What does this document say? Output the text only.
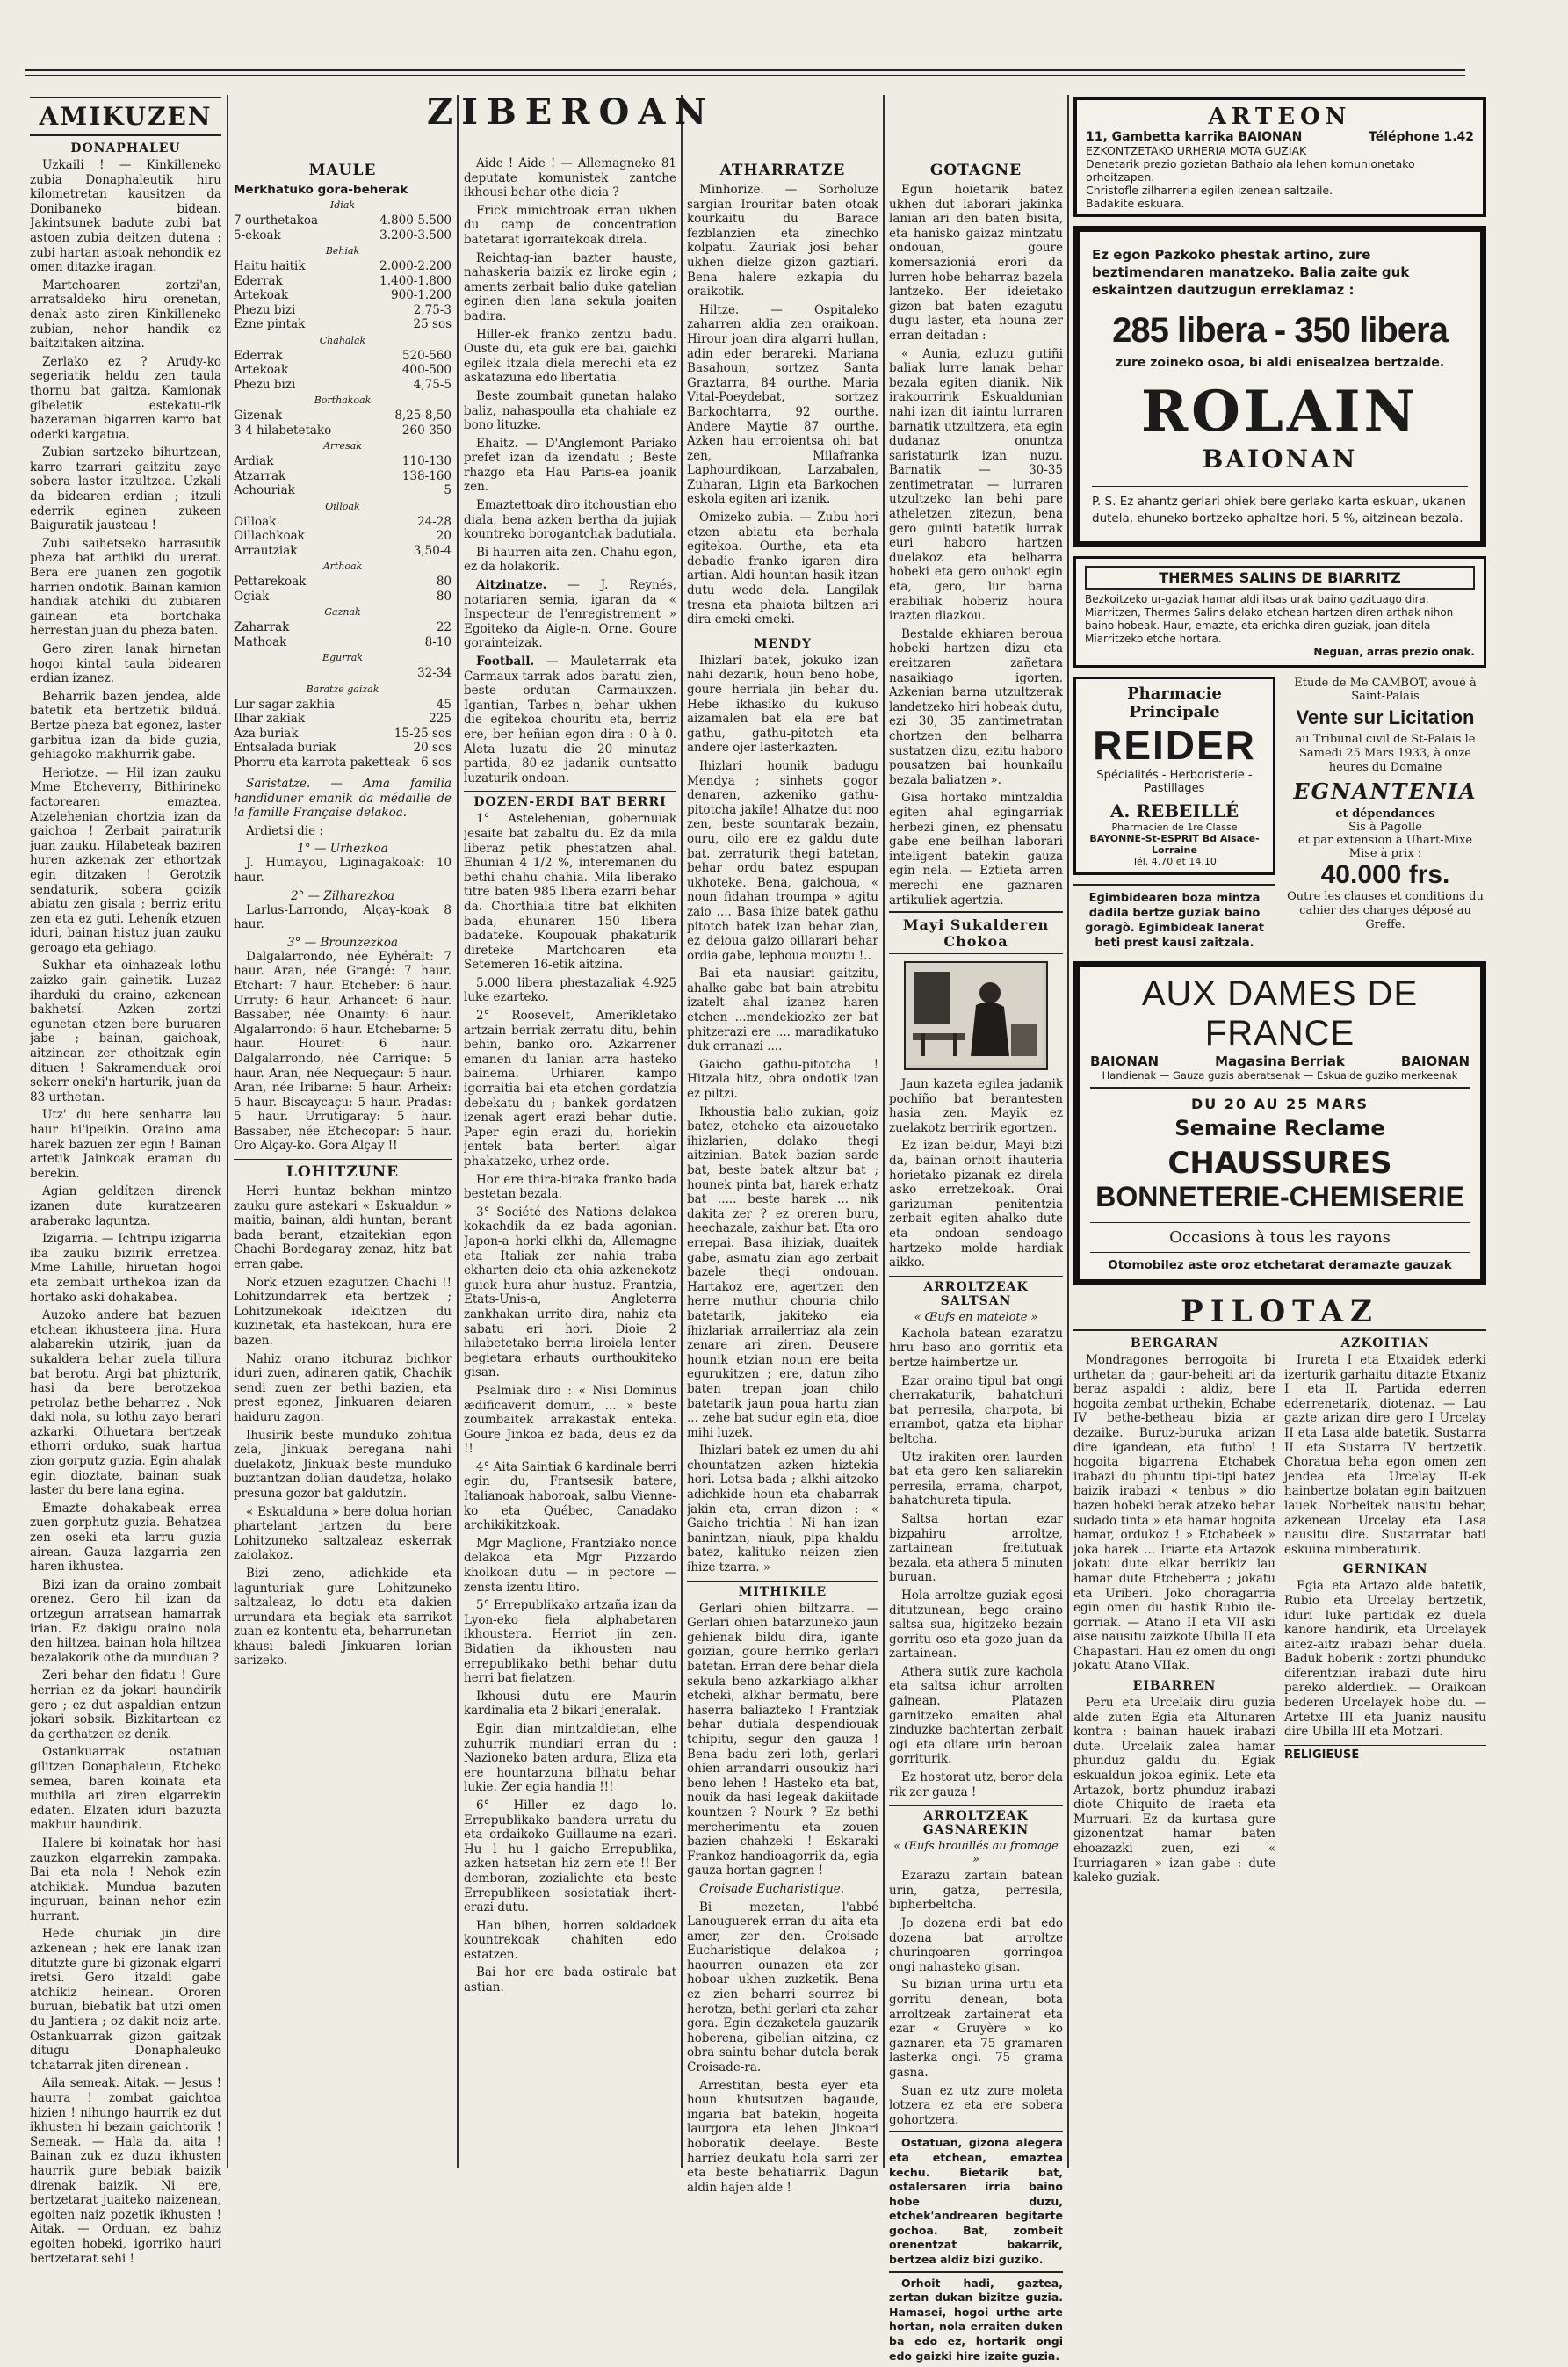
AMIKUZEN
DONAPHALEU

Uzkaili ! — Kinkilleneko zubia Donaphaleutik hiru kilometretan kausitzen da Donibaneko bidean. Jakintsunek badute zubi bat astoen zubia deitzen dutena : zubi hartan astoak nehondik ez omen ditazke iragan.

Martchoaren zortzi'an, arratsaldeko hiru orenetan, denak asto ziren Kinkilleneko zubian, nehor handik ez baitzitaken aitzina.

Zerlako ez ? Arudy-ko segeriatik heldu zen taula thornu bat gaitza. Kamionak gibeletik estekatu-rik bazeraman bigarren karro bat oderki kargatua.

Zubian sartzeko bihurtzean, karro tzarrari gaitzitu zayo sobera laster itzultzea. Uzkali da bidearen erdian ; itzuli ederrik eginen zukeen Baiguratik jausteau !

Zubi saihetseko harrasutik pheza bat arthiki du urerat. Bera ere juanen zen gogotik harrien ondotik. Bainan kamion handiak atchiki du zubiaren gainean eta bortchaka herrestan juan du pheza baten.

Gero ziren lanak hirnetan hogoi kintal taula bidearen erdian izanez.

Beharrik bazen jendea, alde batetik eta bertzetik bilduá. Bertze pheza bat egonez, laster garbitua izan da bide guzia, gehiagoko makhurrik gabe.

Heriotze. — Hil izan zauku Mme Etcheverry, Bithirineko factorearen emaztea. Atzelehenian chortzia izan da gaichoa ! Zerbait pairaturik juan zauku. Hilabeteak baziren huren azkenak zer ethortzak egin ditzaken ! Gerotzik sendaturik, sobera goizik abiatu zen gisala ; berriz eritu zen eta ez guti. Leheník etzuen iduri, bainan histuz juan zauku geroago eta gehiago.

Sukhar eta oinhazeak lothu zaizko gain gainetik. Luzaz iharduki du oraino, azkenean bakhetsí. Azken zortzi egunetan etzen bere buruaren jabe ; bainan, gaichoak, aitzinean zer othoitzak egin dituen ! Sakramenduak oroí sekerr oneki'n harturik, juan da 83 urthetan.

Utz' du bere senharra lau haur hi'ipeikin. Oraino ama harek bazuen zer egin ! Bainan artetik Jainkoak eraman du berekin.

Agian geldítzen direnek izanen dute kuratzearen araberako laguntza.

Izigarria. — Ichtripu izigarria iba zauku bizirik erretzea. Mme Lahille, hiruetan hogoi eta zembait urthekoa izan da hortako aski dohakabea.

Auzoko andere bat bazuen etchean ikhusteera jina. Hura alabarekin utzirik, juan da sukaldera behar zuela tillura bat berotu. Argi bat phizturik, hasi da bere berotzekoa petrolaz bethe beharrez . Nok daki nola, su lothu zayo berari azkarki. Oihuetara bertzeak ethorri orduko, suak hartua zion gorputz guzia. Egin ahalak egin dioztate, bainan suak laster du bere lana egina.

Emazte dohakabeak errea zuen gorphutz guzia. Behatzea zen oseki eta larru guzia airean. Gauza lazgarria zen haren ikhustea.

Bizi izan da oraino zombait orenez. Gero hil izan da ortzegun arratsean hamarrak irian. Ez dakigu oraino nola den hiltzea, bainan hola hiltzea bezalakorik othe da munduan ?

Zeri behar den fidatu ! Gure herrian ez da jokari haundirik gero ; ez dut aspaldian entzun jokari sobsik. Bizkitartean ez da gerthatzen ez denik.

Ostankuarrak ostatuan gilitzen Donaphaleun, Etcheko semea, baren koinata eta muthila ari ziren elgarrekin edaten. Elzaten iduri bazuzta makhur haundirik.

Halere bi koinatak hor hasi zauzkon elgarrekin zampaka. Bai eta nola ! Nehok ezin atchikiak. Mundua bazuten inguruan, bainan nehor ezin hurrant.

Hede churiak jin dire azkenean ; hek ere lanak izan ditutzte gure bi gizonak elgarri iretsi. Gero itzaldi gabe atchikiz heinean. Ororen buruan, biebatik bat utzi omen du Jantiera ; oz dakit noiz arte. Ostankuarrak gizon gaitzak ditugu Donaphaleuko tchatarrak jiten direnean .

Aila semeak. Aitak. — Jesus ! haurra ! zombat gaichtoa hizien ! nihungo haurrik ez dut ikhusten hi bezain gaichtorik ! Semeak. — Hala da, aita ! Bainan zuk ez duzu ikhusten haurrik gure bebiak baizik direnak baizik. Ni ere, bertzetarat juaiteko naizenean, egoiten naiz pozetik ikhusten ! Aitak. — Orduan, ez bahiz egoiten hobeki, igorriko hauri bertzetarat sehi !

ZIBEROAN
MAULE
Merkhatuko gora-beherak
Idiak
7 ourthetakoa	4.800-5.500
5-ekoak	3.200-3.500
Behiak
Haitu haitik	2.000-2.200
Ederrak	1.400-1.800
Artekoak	900-1.200
Phezu bizi	2,75-3
Ezne pintak	25 sos
Chahalak
Ederrak	520-560
Artekoak	400-500
Phezu bizi	4,75-5
Borthakoak
Gizenak	8,25-8,50
3-4 hilabetetako	260-350
Arresak
Ardiak	110-130
Atzarrak	138-160
Achouriak	5
Oilloak
Oilloak	24-28
Oillachkoak	20
Arrautziak	3,50-4
Arthoak
Pettarekoak	80
Ogiak	80
Gaznak
Zaharrak	22
Mathoak	8-10
Egurrak
32-34
Baratze gaizak
Lur sagar zakhia	45
Ilhar zakiak	225
Aza buriak	15-25 sos
Entsalada buriak	20 sos
Phorru eta karrota paketteak 6 sos

Saristatze. — Ama familia handiduner emanik da médaille de la famille Française delakoa.

Ardietsi die :

1° — Urhezkoa

J. Humayou, Liginagakoak: 10 haur.

2° — Zilharezkoa

Larlus-Larrondo, Alçay-koak 8 haur.

3° — Brounzezkoa

Dalgalarrondo, née Eyhéralt: 7 haur. Aran, née Grangé: 7 haur. Etchart: 7 haur. Etcheber: 6 haur. Urruty: 6 haur. Arhancet: 6 haur. Bassaber, née Onainty: 6 haur. Algalarrondo: 6 haur. Etchebarne: 5 haur. Houret: 6 haur. Dalgalarrondo, née Carrique: 5 haur. Aran, née Nequeçaur: 5 haur. Aran, née Iribarne: 5 haur. Arheix: 5 haur. Biscaycaçu: 5 haur. Pradas: 5 haur. Urrutigaray: 5 haur. Bassaber, née Etchecopar: 5 haur. Oro Alçay-ko. Gora Alçay !!

LOHITZUNE

Herri huntaz bekhan mintzo zauku gure astekari « Eskualdun » maitia, bainan, aldi huntan, berant bada berant, etzaitekian egon Chachi Bordegaray zenaz, hitz bat erran gabe.

Nork etzuen ezagutzen Chachi !! Lohitzundarrek eta bertzek ; Lohitzunekoak idekitzen du kuzinetak, eta hastekoan, hura ere bazen.

Nahiz orano itchuraz bichkor iduri zuen, adinaren gatik, Chachik sendi zuen zer bethi bazien, eta prest egonez, Jinkuaren deiaren haiduru zagon.

Ihusirik beste munduko zohitua zela, Jinkuak beregana nahi duelakotz, Jinkuak beste munduko buztantzan dolian daudetza, holako presuna gozor bat galdutzin.

« Eskualduna » bere dolua horian phartelant jartzen du bere Lohitzuneko saltzaleaz eskerrak zaiolakoz.

Bizi zeno, adichkide eta lagunturiak gure Lohitzuneko saltzaleaz, lo dotu eta dakien urrundara eta begiak eta sarrikot zuan ez kontentu eta, beharrunetan khausi baledi Jinkuaren lorian sarizeko.

Aide ! Aide ! — Allemagneko 81 deputate komunistek zantche ikhousi behar othe dicia ?

Frick minichtroak erran ukhen du camp de concentration batetarat igorraitekoak direla.

Reichtag-ian bazter hauste, nahaskeria baizik ez liroke egin ; aments zerbait balio duke gatelian eginen dien lana sekula joaiten badira.

Hiller-ek franko zentzu badu. Ouste du, eta guk ere bai, gaichki egilek itzala diela merechi eta ez askatazuna edo libertatia.

Beste zoumbait gunetan halako baliz, nahaspoulla eta chahiale ez bono lituzke.

Ehaitz. — D'Anglemont Pariako prefet izan da izendatu ; Beste rhazgo eta Hau Paris-ea joanik zen.

Emaztettoak diro itchoustian eho diala, bena azken bertha da jujiak kountreko borogantchak badutiala.

Bi haurren aita zen. Chahu egon, ez da holakorik.

Aitzinatze. — J. Reynés, notariaren semia, igaran da « Inspecteur de l'enregistrement » Egoiteko da Aigle-n, Orne. Goure gorainteizak.

Football. — Mauletarrak eta Carmaux-tarrak ados baratu zien, beste ordutan Carmauxzen. Igantian, Tarbes-n, behar ukhen die egitekoa chouritu eta, berriz ere, ber heñian egon dira : 0 à 0. Aleta luzatu die 20 minutaz partida, 80-ez jadanik ountsatto luzaturik ondoan.

DOZEN-ERDI BAT BERRI

1° Astelehenian, gobernuiak jesaite bat zabaltu du. Ez da mila liberaz petik phestatzen ahal. Ehunian 4 1/2 %, interemanen du bethi chahu chahia. Mila liberako titre baten 985 libera ezarri behar da. Chorthiala titre bat elkhiten bada, ehunaren 150 libera badateke. Koupouak phakaturik direteke Martchoaren eta Setemeren 16-etik aitzina.

5.000 libera phestazaliak 4.925 luke ezarteko.

2° Roosevelt, Amerikletako artzain berriak zerratu ditu, behin behin, banko oro. Azkarrener emanen du lanian arra hasteko bainema. Urhiaren kampo igorraitia bai eta etchen gordatzia debekatu du ; bankek gordatzen izenak agert erazi behar dutie. Paper egin erazi du, horiekin jentek bata berteri algar phakatzeko, urhez orde.

Hor ere thira-biraka franko bada bestetan bezala.

3° Société des Nations delakoa kokachdik da ez bada agonian. Japon-a horki elkhi da, Allemagne eta Italiak zer nahia traba ekharten deio eta ohia azkenekotz guiek hura ahur hustuz. Frantzia, Etats-Unis-a, Angleterra zankhakan urrito dira, nahiz eta sabatu eri hori. Dioie 2 hilabetetako berria liroiela lenter begietara erhauts ourthoukiteko gisan.

Psalmiak diro : « Nisi Dominus ædificaverit domum, ... » beste zoumbaitek arrakastak enteka. Goure Jinkoa ez bada, deus ez da !!

4° Aita Saintiak 6 kardinale berri egin du, Frantsesik batere, Italianoak haboroak, salbu Vienne-ko eta Québec, Canadako archikikitzkoak.

Mgr Maglione, Frantziako nonce delakoa eta Mgr Pizzardo kholkoan dutu — in pectore — zensta izentu litiro.

5° Errepublikako artzaña izan da Lyon-eko fiela alphabetaren ikhoustera. Herriot jin zen. Bidatien da ikhousten nau errepublikako bethi behar dutu herri bat fielatzen.

Ikhousi dutu ere Maurin kardinalia eta 2 bikari jeneralak.

Egin dian mintzaldietan, elhe zuhurrik mundiari erran du : Nazioneko baten ardura, Eliza eta ere hountarzuna bilhatu behar lukie. Zer egia handia !!!

6° Hiller ez dago lo. Errepublikako bandera urratu du eta ordaikoko Guillaume-na ezari. Hu l hu l gaicho Errepublika, azken hatsetan hiz zern ete !! Ber demboran, zozialichte eta beste Errepublikeen sosietatiak ihert-erazi dutu.

Han bihen, horren soldadoek kountrekoak chahiten edo estatzen.

Bai hor ere bada ostirale bat astian.

ATHARRATZE

Minhorize. — Sorholuze sargian Irouritar baten otoak kourkaitu du Barace fezblanzien eta zinechko kolpatu. Zauriak josi behar ukhen dielze gizon gaztiari. Bena halere ezkapia du oraikotik.

Hiltze. — Ospitaleko zaharren aldia zen oraikoan. Hirour joan dira algarri hullan, adin eder berareki. Mariana Basahoun, sortzez Santa Graztarra, 84 ourthe. Maria Vital-Poeydebat, sortzez Barkochtarra, 92 ourthe. Andere Maytie 87 ourthe. Azken hau erroientsa ohi bat zen, Milafranka Laphourdikoan, Larzabalen, Zuharan, Ligin eta Barkochen eskola egiten ari izanik.

Omizeko zubia. — Zubu hori etzen abiatu eta berhala egitekoa. Ourthe, eta eta debadio franko igaren dira artian. Aldi hountan hasik itzan dutu wedo dela. Langilak tresna eta phaiota biltzen ari dira emeki emeki.

MENDY

Ihizlari batek, jokuko izan nahi dezarik, houn beno hobe, goure herriala jin behar du. Hebe ikhasiko du kukuso aizamalen bat ela ere bat gathu, gathu-pitotch eta andere ojer lasterkazten.

Ihizlari hounik badugu Mendya ; sinhets gogor denaren, azkeniko gathu-pitotcha jakile! Alhatze dut noo zen, beste sountarak bezain, ouru, oilo ere ez galdu dute bat. zerraturik thegi batetan, behar ordu batez espupan ukhoteke. Bena, gaichoua, « noun fidahan troumpa » agitu zaio .... Basa ihize batek gathu pitotch batek izan behar zian, ez deioua gaizo oillarari behar ordia gabe, lephoua mouztu !..

Bai eta nausiari gaitzitu, ahalke gabe bat bain atrebitu izatelt ahal izanez haren etchen ...mendekiozko zer bat phitzerazi ere .... maradikatuko duk erranazi ....

Gaicho gathu-pitotcha ! Hitzala hitz, obra ondotik izan ez piltzi.

Ikhoustia balio zukian, goiz batez, etcheko eta aizouetako ihizlarien, dolako thegi aitzinian. Batek bazian sarde bat, beste batek altzur bat ; hounek pinta bat, harek erhatz bat ..... beste harek ... nik dakita zer ? ez oreren buru, heechazale, zakhur bat. Eta oro errepai. Basa ihiziak, duaitek gabe, asmatu zian ago zerbait bazele thegi ondouan. Hartakoz ere, agertzen den herre muthur chouria chilo batetarik, jakiteko eia ihizlariak arrailerriaz ala zein zenare ari ziren. Deusere hounik etzian noun ere beita egurukitzen ; ere, datun ziho baten trepan joan chilo batetarik jaun poua hartu zian ... zehe bat sudur egin eta, dioe mihi luzek.

Ihizlari batek ez umen du ahi chountatzen azken hiztekia hori. Lotsa bada ; alkhi aitzoko adichkide houn eta chabarrak jakin eta, erran dizon : « Gaicho trichtia ! Ni han izan banintzan, niauk, pipa khaldu batez, kalituko neizen zien ihize tzarra. »

MITHIKILE

Gerlari ohien biltzarra. — Gerlari ohien batarzuneko jaun gehienak bildu dira, igante goizian, goure herriko gerlari batetan. Erran dere behar diela sekula beno azkarkiago alkhar etchekì, alkhar bermatu, bere haserra baliazteko ! Frantziak behar dutiala despendiouak tchipitu, segur den gauza ! Bena badu zeri loth, gerlari ohien arrandarri ousoukiz hari beno lehen ! Hasteko eta bat, nouik da hasi legeak dakiitade kountzen ? Nourk ? Ez bethi mercherimentu eta zouen bazien chahzeki ! Eskaraki Frankoz handioagorrik da, egia gauza hortan gagnen !

Croisade Eucharistique.

Bi mezetan, l'abbé Lanouguerek erran du aita eta amer, zer den. Croisade Eucharistique delakoa ; haourren ounazen eta zer hoboar ukhen zuzketik. Bena ez zien beharri sourrez bi herotza, bethi gerlari eta zahar gora. Egin dezaketela gauzarik hoberena, gibelian aitzina, ez obra saintu behar dutela berak Croisade-ra.

Arrestitan, besta eyer eta houn khutsutzen bagaude, ingaria bat batekin, hogeita laurgora eta lehen Jinkoari hoboratik deelaye. Beste harriez deukatu hola sarri zer eta beste behatiarrik. Dagun aldin hajen alde !

GOTAGNE

Egun hoietarik batez ukhen dut laborari jakinka lanian ari den baten bisita, eta hanisko gaizaz mintzatu ondouan, goure komersazioniá erori da lurren hobe beharraz bazela lantzeko. Ber ideietako gizon bat baten ezagutu dugu laster, eta houna zer erran deitadan :

« Aunia, ezluzu gutiñi baliak lurre lanak behar bezala egiten dianik. Nik irakourririk Eskualdunian nahi izan dit iaintu lurraren barnatik utzultzera, eta egin dudanaz onuntza saristaturik izan nuzu. Barnatik — 30-35 zentimetratan — lurraren utzultzeko lan behi pare atheletzen zitezun, bena gero guinti batetik lurrak euri haboro hartzen duelakoz eta belharra hobeki eta gero ouhoki egin eta, gero, lur barna erabiliak hoberiz houra irazten diazkou.

Bestalde ekhiaren beroua hobeki hartzen dizu eta ereitzaren zañetara nasaikiago igorten. Azkenian barna utzultzerak landetzeko hiri hobeak dutu, ezi 30, 35 zantimetratan chortzen den belharra sustatzen dizu, ezitu haboro pousatzen bai hounkailu bezala baliatzen ».

Gisa hortako mintzaldia egiten ahal egingarriak herbezi ginen, ez phensatu gabe ene beilhan laborari inteligent batekin gauza egin nela. — Eztieta arren merechi ene gaznaren artikuliek agertzia.

Mayi Sukalderen Chokoa

Jaun kazeta egilea jadanik pochiño bat berantesten hasia zen. Mayik ez zuelakotz berririk egortzen.

Ez izan beldur, Mayi bizi da, bainan orhoit ihauteria horietako pizanak ez direla asko erretzekoak. Orai garizuman penitentzia zerbait egiten ahalko dute eta ondoan sendoago hartzeko molde hardiak aikko.

ARROLTZEAK SALTSAN
« Œufs en matelote »

Kachola batean ezaratzu hiru baso ano gorritik eta bertze haimbertze ur.

Ezar oraino tipul bat ongi cherrakaturik, bahatchuri bat perresila, charpota, bi errambot, gatza eta biphar beltcha.

Utz irakiten oren laurden bat eta gero ken saliarekin perresila, errama, charpot, bahatchureta tipula.

Saltsa hortan ezar bizpahiru arroltze, zartainean freitutuak bezala, eta athera 5 minuten buruan.

Hola arroltze guziak egosi ditutzunean, bego oraino saltsa sua, higitzeko bezain gorritu oso eta gozo juan da zartainean.

Athera sutik zure kachola eta saltsa ichur arrolten gainean. Platazen garnitzeko emaiten ahal zinduzke bachtertan zerbait ogi eta oliare urin beroan gorriturik.

Ez hostorat utz, beror dela rik zer gauza !

ARROLTZEAK GASNAREKIN
« Œufs brouillés au fromage »

Ezarazu zartain batean urin, gatza, perresila, bipherbeltcha.

Jo dozena erdi bat edo dozena bat arroltze churingoaren gorringoa ongi nahasteko gisan.

Su bizian urina urtu eta gorritu denean, bota arroltzeak zartainerat eta ezar « Gruyère » ko gaznaren eta 75 gramaren lasterka ongi. 75 grama gasna.

Suan ez utz zure moleta lotzera ez eta ere sobera gohortzera.

Ostatuan, gizona alegera eta etchean, emaztea kechu. Bietarik bat, ostalersaren irria baino hobe duzu, etchek'andrearen begitarte gochoa. Bat, zombeit orenentzat bakarrik, bertzea aldiz bizi guziko.

Orhoit hadi, gaztea, zertan dukan bizitze guzia. Hamasei, hogoi urthe arte hortan, nola erraiten duken ba edo ez, hortarik ongi edo gaizki hire izaite guzia.

ARTEON
11, Gambetta karrika BAIONAN	Téléphone 1.42
EZKONTZETAKO URHERIA MOTA GUZIAK
Denetarik prezio gozietan Bathaio ala lehen komunionetako orhoitzapen.
Christofle zilharreria egilen izenean saltzaile.
Badakite eskuara.
Ez egon Pazkoko phestak artino, zure beztimendaren manatzeko. Balia zaite guk eskaintzen dautzugun erreklamaz :
285 libera - 350 libera
zure zoineko osoa, bi aldi enisealzea bertzalde.
ROLAIN
BAIONAN
P. S. Ez ahantz gerlari ohiek bere gerlako karta eskuan, ukanen dutela, ehuneko bortzeko aphaltze hori, 5 %, aitzinean bezala.
THERMES SALINS DE BIARRITZ
Bezkoitzeko ur-gaziak hamar aldi itsas urak baino gazituago dira. Miarritzen, Thermes Salins delako etchean hartzen diren arthak nihon baino hobeak. Haur, emazte, eta erichka diren guziak, joan ditela Miarritzeko etche hortara.
Neguan, arras prezio onak.
Pharmacie Principale
REIDER
Spécialités - Herboristerie - Pastillages
A. REBEILLÉ
Pharmacien de 1re Classe
BAYONNE-St-ESPRIT Bd Alsace-Lorraine
Tél. 4.70 et 14.10
Egimbidearen boza mintza dadila bertze guziak baino goragò. Egimbideak lanerat beti prest kausi zaitzala.
Etude de Me CAMBOT, avoué à Saint-Palais
Vente sur Licitation
au Tribunal civil de St-Palais le Samedi 25 Mars 1933, à onze heures du Domaine
EGNANTENIA
et dépendances
Sis à Pagolle
et par extension à Uhart-Mixe
Mise à prix :
40.000 frs.
Outre les clauses et conditions du cahier des charges déposé au Greffe.
AUX DAMES DE FRANCE
BAIONAN	Magasina Berriak	BAIONAN
Handienak — Gauza guzis aberatsenak — Eskualde guziko merkeenak
DU 20 AU 25 MARS
Semaine Reclame
CHAUSSURES
BONNETERIE-CHEMISERIE
Occasions à tous les rayons
Otomobilez aste oroz etchetarat deramazte gauzak
PILOTAZ
BERGARAN

Mondragones berrogoita bi urthetan da ; gaur-beheiti ari da beraz aspaldi : aldiz, bere hogoita zembat urthekin, Echabe IV bethe-betheau bizia ar dezaike. Buruz-buruka arizan dire igandean, eta futbol ! hogoita bigarrena Etchabek irabazi du phuntu tipi-tipi batez baizik irabazi « tenbus » dio bazen hobeki berak atzeko behar sudado tinta » eta hamar hogoita hamar, ordukoz ! » Etchabeek » joka harek ... Iriarte eta Artazok jokatu dute elkar berrikiz lau hamar dute Etcheberra ; jokatu eta Uriberi. Joko choragarria egin omen du hastik Rubio ile-gorriak. — Atano II eta VII aski aise nausitu zaizkote Ubilla II eta Chapastari. Hau ez omen du ongi jokatu Atano VIIak.

EIBARREN

Peru eta Urcelaik diru guzia alde zuten Egia eta Altunaren kontra : bainan hauek irabazi dute. Urcelaik zalea hamar phunduz galdu du. Egiak eskualdun jokoa eginik. Lete eta Artazok, bortz phunduz irabazi diote Chiquito de Iraeta eta Murruari. Ez da kurtasa gure gizonentzat hamar baten ehoazazki zuen, ezi « Iturriagaren » izan gabe : dute kaleko guziak.

AZKOITIAN

Irureta I eta Etxaidek ederki izerturik garhaitu ditazte Etxaniz I eta II. Partida ederren ederrenetarik, diotenaz. — Lau gazte arizan dire gero I Urcelay II eta Lasa alde batetik, Sustarra II eta Sustarra IV bertzetik. Choratua beha egon omen zen jendea eta Urcelay II-ek hainbertze bolatan egin baitzuen lauek. Norbeitek nausitu behar, azkenean Urcelay eta Lasa nausitu dire. Sustarratar bati eskuina mimberaturik.

GERNIKAN

Egia eta Artazo alde batetik, Rubio eta Urcelay bertzetik, iduri luke partidak ez duela kanore handirik, eta Urcelayek aitez-aitz irabazi behar duela. Baduk hoberik : zortzi phunduko diferentzian irabazi dute hiru pareko alderdiek. — Oraikoan bederen Urcelayek hobe du. — Artetxe III eta Juaniz nausitu dire Ubilla III eta Motzari.

RELIGIEUSE
